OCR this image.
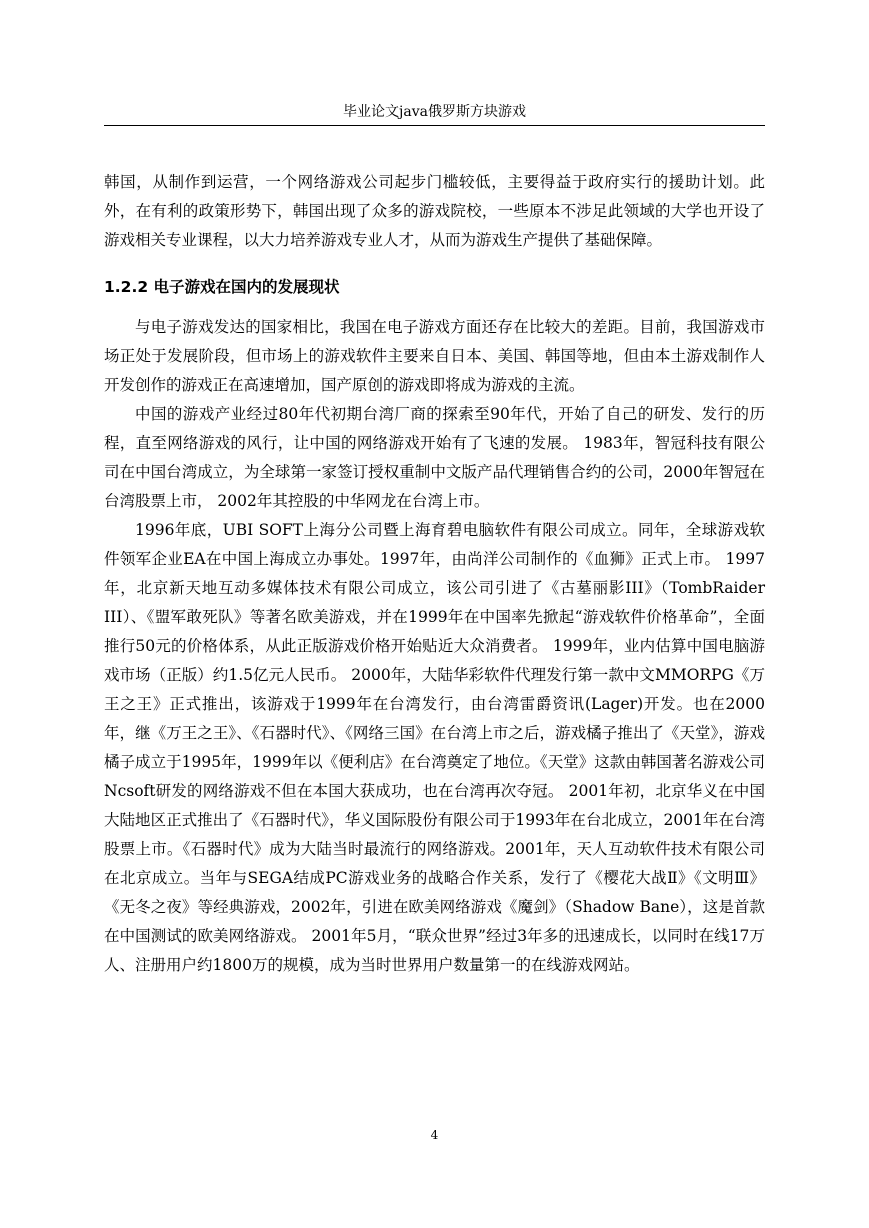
毕业论文java俄罗斯方块游戏

韩国，从制作到运营，一个网络游戏公司起步门槛较低，主要得益于政府实行的援助计划。此外，在有利的政策形势下，韩国出现了众多的游戏院校，一些原本不涉足此领域的大学也开设了游戏相关专业课程，以大力培养游戏专业人才，从而为游戏生产提供了基础保障。

1.2.2 电子游戏在国内的发展现状

与电子游戏发达的国家相比，我国在电子游戏方面还存在比较大的差距。目前，我国游戏市场正处于发展阶段，但市场上的游戏软件主要来自日本、美国、韩国等地，但由本土游戏制作人开发创作的游戏正在高速增加，国产原创的游戏即将成为游戏的主流。

中国的游戏产业经过80年代初期台湾厂商的探索至90年代，开始了自己的研发、发行的历程，直至网络游戏的风行，让中国的网络游戏开始有了飞速的发展。 1983年，智冠科技有限公司在中国台湾成立，为全球第一家签订授权重制中文版产品代理销售合约的公司，2000年智冠在台湾股票上市， 2002年其控股的中华网龙在台湾上市。

1996年底，UBI SOFT上海分公司暨上海育碧电脑软件有限公司成立。同年，全球游戏软件领军企业EA在中国上海成立办事处。1997年，由尚洋公司制作的《血狮》正式上市。 1997年，北京新天地互动多媒体技术有限公司成立，该公司引进了《古墓丽影III》（TombRaider III）、《盟军敢死队》等著名欧美游戏，并在1999年在中国率先掀起“游戏软件价格革命”，全面推行50元的价格体系，从此正版游戏价格开始贴近大众消费者。 1999年，业内估算中国电脑游戏市场（正版）约1.5亿元人民币。 2000年，大陆华彩软件代理发行第一款中文MMORPG《万王之王》正式推出，该游戏于1999年在台湾发行，由台湾雷爵资讯(Lager)开发。也在2000年，继《万王之王》、《石器时代》、《网络三国》在台湾上市之后，游戏橘子推出了《天堂》，游戏橘子成立于1995年，1999年以《便利店》在台湾奠定了地位。《天堂》这款由韩国著名游戏公司Ncsoft研发的网络游戏不但在本国大获成功，也在台湾再次夺冠。 2001年初，北京华义在中国大陆地区正式推出了《石器时代》，华义国际股份有限公司于1993年在台北成立，2001年在台湾股票上市。《石器时代》成为大陆当时最流行的网络游戏。2001年，天人互动软件技术有限公司在北京成立。当年与SEGA结成PC游戏业务的战略合作关系，发行了《樱花大战Ⅱ》《文明Ⅲ》《无冬之夜》等经典游戏，2002年，引进在欧美网络游戏《魔剑》（Shadow Bane），这是首款在中国测试的欧美网络游戏。 2001年5月，“联众世界”经过3年多的迅速成长，以同时在线17万人、注册用户约1800万的规模，成为当时世界用户数量第一的在线游戏网站。

4
